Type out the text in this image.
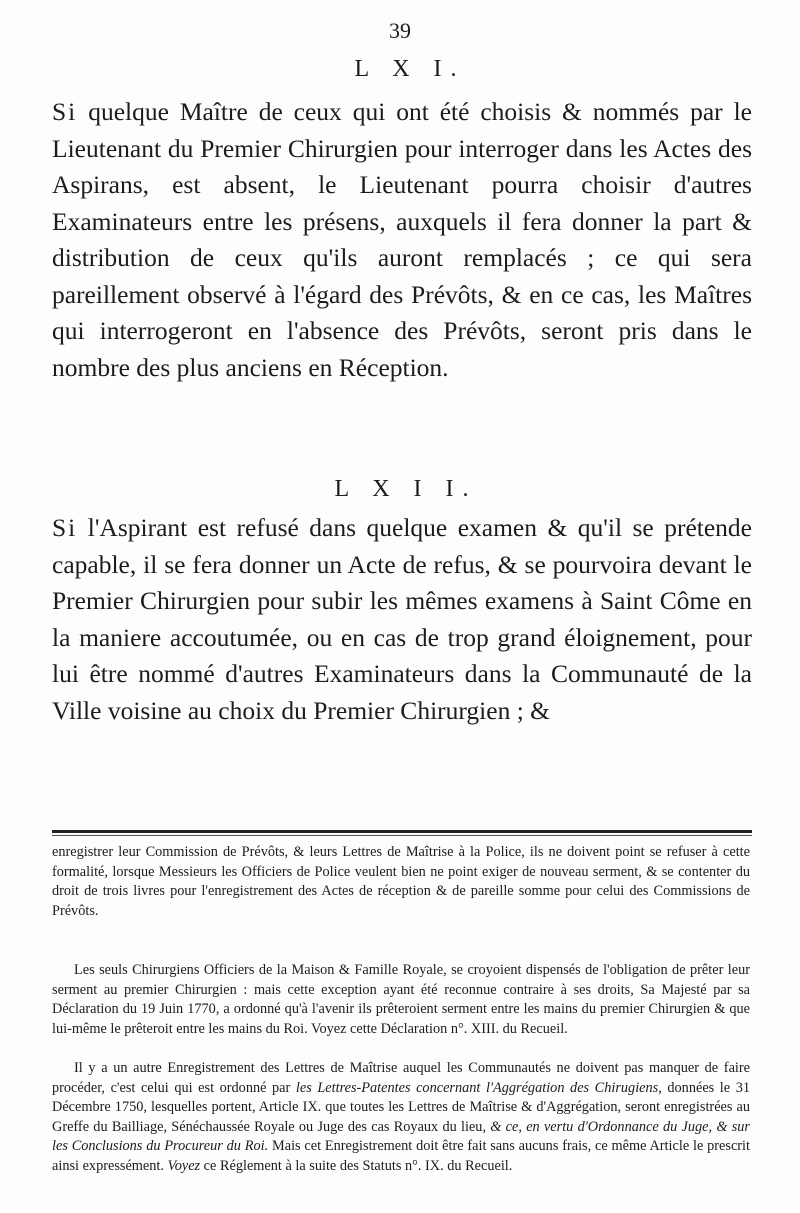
39
L X I.

Si quelque Maître de ceux qui ont été choisis & nommés par le Lieutenant du Premier Chirurgien pour interroger dans les Actes des Aspirans, est absent, le Lieutenant pourra choisir d'autres Examinateurs entre les présens, auxquels il fera donner la part & distribution de ceux qu'ils auront remplacés ; ce qui sera pareillement observé à l'égard des Prévôts, & en ce cas, les Maîtres qui interrogeront en l'absence des Prévôts, seront pris dans le nombre des plus anciens en Réception.

L X I I.

Si l'Aspirant est refusé dans quelque examen & qu'il se prétende capable, il se fera donner un Acte de refus, & se pourvoira devant le Premier Chirurgien pour subir les mêmes examens à Saint Côme en la maniere accoutumée, ou en cas de trop grand éloignement, pour lui être nommé d'autres Examinateurs dans la Communauté de la Ville voisine au choix du Premier Chirurgien ; &

enregistrer leur Commission de Prévôts, & leurs Lettres de Maîtrise à la Police, ils ne doivent point se refuser à cette formalité, lorsque Messieurs les Officiers de Police veulent bien ne point exiger de nouveau serment, & se contenter du droit de trois livres pour l'enregistrement des Actes de réception & de pareille somme pour celui des Commissions de Prévôts.

Les seuls Chirurgiens Officiers de la Maison & Famille Royale, se croyoient dispensés de l'obligation de prêter leur serment au premier Chirurgien : mais cette exception ayant été reconnue contraire à ses droits, Sa Majesté par sa Déclaration du 19 Juin 1770, a ordonné qu'à l'avenir ils prêteroient serment entre les mains du premier Chirurgien & que lui-même le prêteroit entre les mains du Roi. Voyez cette Déclaration n°. XIII. du Recueil.

Il y a un autre Enregistrement des Lettres de Maîtrise auquel les Communautés ne doivent pas manquer de faire procéder, c'est celui qui est ordonné par les Lettres-Patentes concernant l'Aggrégation des Chirugiens, données le 31 Décembre 1750, lesquelles portent, Article IX. que toutes les Lettres de Maîtrise & d'Aggrégation, seront enregistrées au Greffe du Bailliage, Sénéchaussée Royale ou Juge des cas Royaux du lieu, & ce, en vertu d'Ordonnance du Juge, & sur les Conclusions du Procureur du Roi. Mais cet Enregistrement doit être fait sans aucuns frais, ce même Article le prescrit ainsi expressément. Voyez ce Réglement à la suite des Statuts n°. IX. du Recueil.
